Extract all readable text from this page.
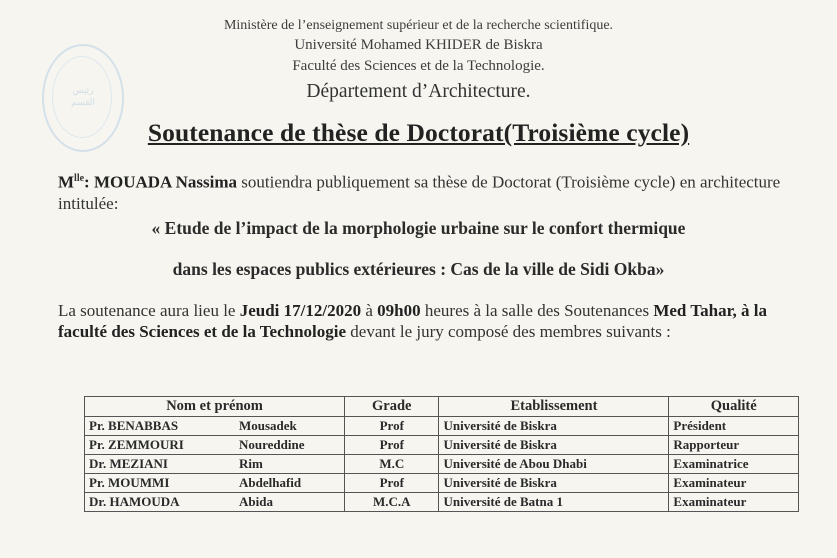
رئيس القسم
Ministère de l’enseignement supérieur et de la recherche scientifique.
Université Mohamed KHIDER de Biskra
Faculté des Sciences et de la Technologie.
Département d’Architecture.
Soutenance de thèse de Doctorat(Troisième cycle)
$M^{lle}$: MOUADA Nassima soutiendra publiquement sa thèse de Doctorat (Troisième cycle) en architecture intitulée:
« Etude de l’impact de la morphologie urbaine sur le confort thermique
dans les espaces publics extérieures : Cas de la ville de Sidi Okba»
La soutenance aura lieu le Jeudi 17/12/2020 à 09h00 heures à la salle des Soutenances Med Tahar, à la faculté des Sciences et de la Technologie devant le jury composé des membres suivants :
Nom et prénom	Grade	Etablissement	Qualité
Pr. BENABBAS Mousadek	Prof	Université de Biskra	Président
Pr. ZEMMOURI Noureddine	Prof	Université de Biskra	Rapporteur
Dr. MEZIANI Rim	M.C	Université de Abou Dhabi	Examinatrice
Pr. MOUMMI Abdelhafid	Prof	Université de Biskra	Examinateur
Dr. HAMOUDA Abida	M.C.A	Université de Batna 1	Examinateur
